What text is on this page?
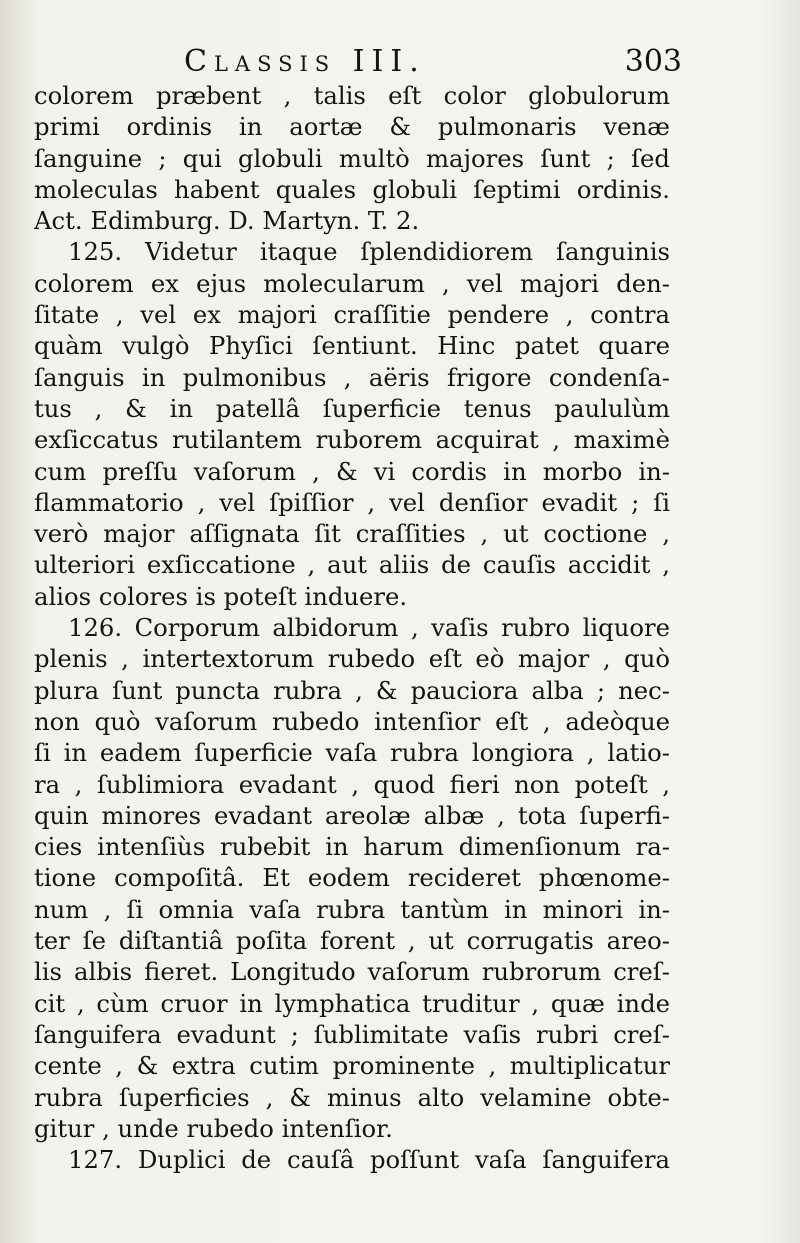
Classis III.	303
colorem præbent , talis eſt color globulorum
primi ordinis in aortæ & pulmonaris venæ
ſanguine ; qui globuli multò majores ſunt ; ſed
moleculas habent quales globuli ſeptimi ordinis.
Act. Edimburg. D. Martyn. T. 2.
125. Videtur itaque ſplendidiorem ſanguinis
colorem ex ejus molecularum , vel majori den-
ſitate , vel ex majori craſſitie pendere , contra
quàm vulgò Phyſici ſentiunt. Hinc patet quare
ſanguis in pulmonibus , aëris frigore condenſa-
tus , & in patellâ ſuperficie tenus paululùm
exſiccatus rutilantem ruborem acquirat , maximè
cum preſſu vaſorum , & vi cordis in morbo in-
flammatorio , vel ſpiſſior , vel denſior evadit ; ſi
verò major aſſignata ſit craſſities , ut coctione ,
ulteriori exſiccatione , aut aliis de cauſis accidit ,
alios colores is poteſt induere.
126. Corporum albidorum , vaſis rubro liquore
plenis , intertextorum rubedo eſt eò major , quò
plura ſunt puncta rubra , & pauciora alba ; nec-
non quò vaſorum rubedo intenſior eſt , adeòque
ſi in eadem ſuperficie vaſa rubra longiora , latio-
ra , ſublimiora evadant , quod fieri non poteſt ,
quin minores evadant areolæ albæ , tota ſuperfi-
cies intenſiùs rubebit in harum dimenſionum ra-
tione compoſitâ. Et eodem recideret phœnome-
num , ſi omnia vaſa rubra tantùm in minori in-
ter ſe diſtantiâ poſita forent , ut corrugatis areo-
lis albis fieret. Longitudo vaſorum rubrorum creſ-
cit , cùm cruor in lymphatica truditur , quæ inde
ſanguifera evadunt ; ſublimitate vaſis rubri creſ-
cente , & extra cutim prominente , multiplicatur
rubra ſuperficies , & minus alto velamine obte-
gitur , unde rubedo intenſior.
127. Duplici de cauſâ poſſunt vaſa ſanguifera
